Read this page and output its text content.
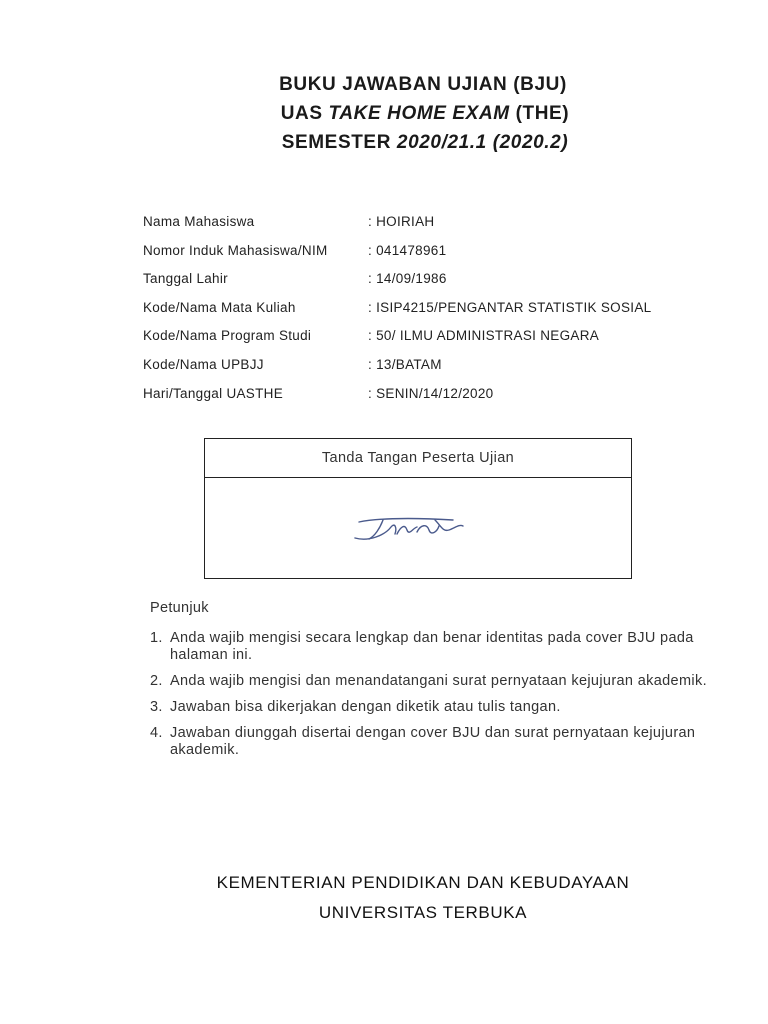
BUKU JAWABAN UJIAN (BJU)
UAS TAKE HOME EXAM (THE)
SEMESTER 2020/21.1 (2020.2)
Nama Mahasiswa	: HOIRIAH
Nomor Induk Mahasiswa/NIM	: 041478961
Tanggal Lahir	: 14/09/1986
Kode/Nama Mata Kuliah	: ISIP4215/PENGANTAR STATISTIK SOSIAL
Kode/Nama Program Studi	: 50/ ILMU ADMINISTRASI NEGARA
Kode/Nama UPBJJ	: 13/BATAM
Hari/Tanggal UASTHE	: SENIN/14/12/2020
Tanda Tangan Peserta Ujian
Petunjuk
1. Anda wajib mengisi secara lengkap dan benar identitas pada cover BJU pada halaman ini.
2. Anda wajib mengisi dan menandatangani surat pernyataan kejujuran akademik.
3. Jawaban bisa dikerjakan dengan diketik atau tulis tangan.
4. Jawaban diunggah disertai dengan cover BJU dan surat pernyataan kejujuran akademik.
KEMENTERIAN PENDIDIKAN DAN KEBUDAYAAN
UNIVERSITAS TERBUKA
